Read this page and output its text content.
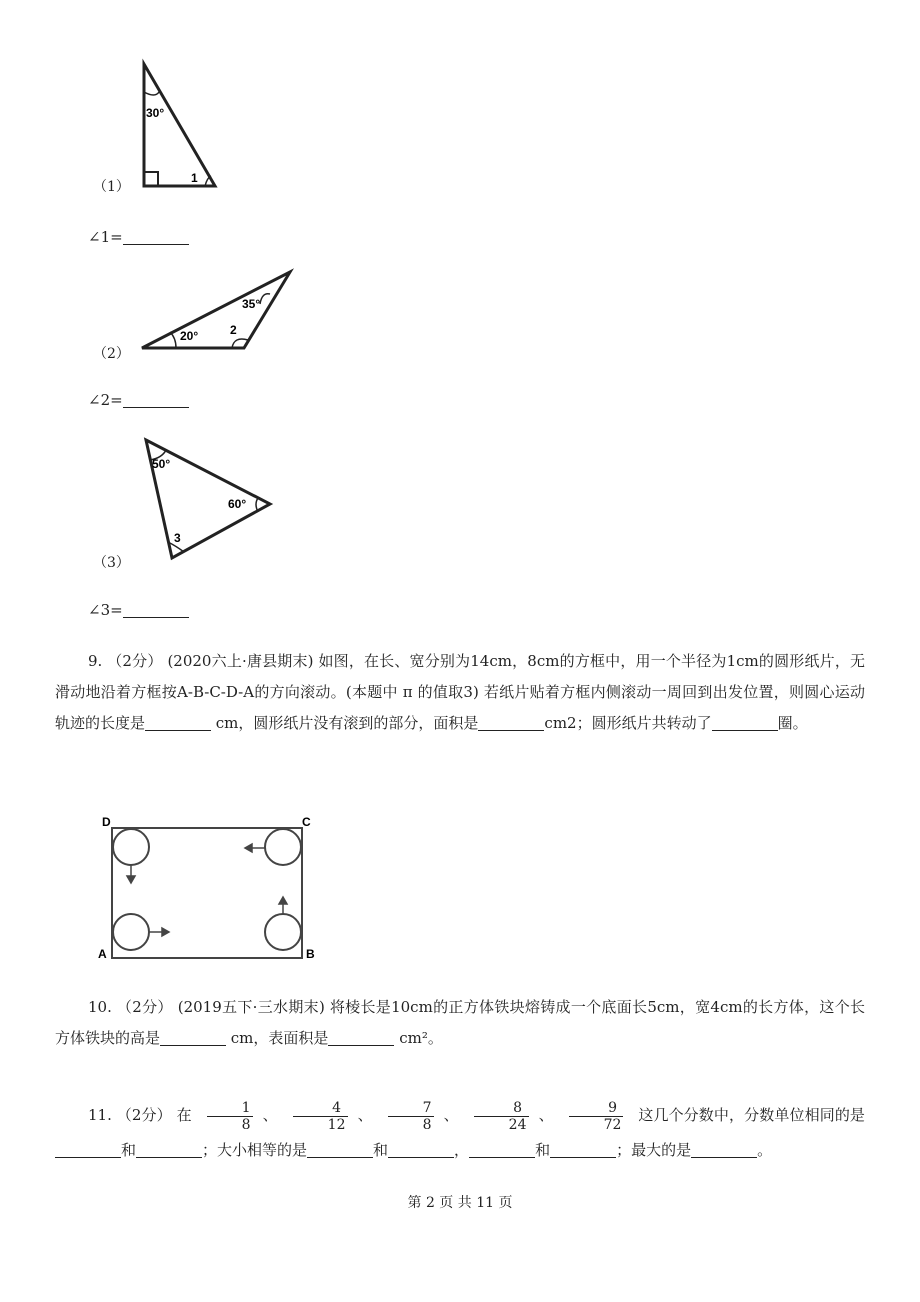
30°
1
（1）
∠1=
35°
20°	2
（2）
∠2=
50°
60°
3
（3）
∠3=
9. （2分） (2020六上·唐县期末) 如图，在长、宽分别为14cm，8cm的方框中，用一个半径为1cm的圆形纸片，无滑动地沿着方框按A-B-C-D-A的方向滚动。(本题中 π 的值取3) 若纸片贴着方框内侧滚动一周回到出发位置，则圆心运动轨迹的长度是	cm，圆形纸片没有滚到的部分，面积是	cm2；圆形纸片共转动了	圈。
D	C
A	B
10. （2分） (2019五下·三水期末) 将棱长是10cm的正方体铁块熔铸成一个底面长5cm，宽4cm的长方体，这个长方体铁块的高是	cm，表面积是	cm²。
11. （2分） 在 $\frac{1}{8}$ 、 $\frac{4}{12}$ 、 $\frac{7}{8}$ 、 $\frac{8}{24}$ 、 $\frac{9}{72}$ 这几个分数中，分数单位相同的是和	；大小相等的是	和	，	和	；最大的是	。
第 2 页 共 11 页
